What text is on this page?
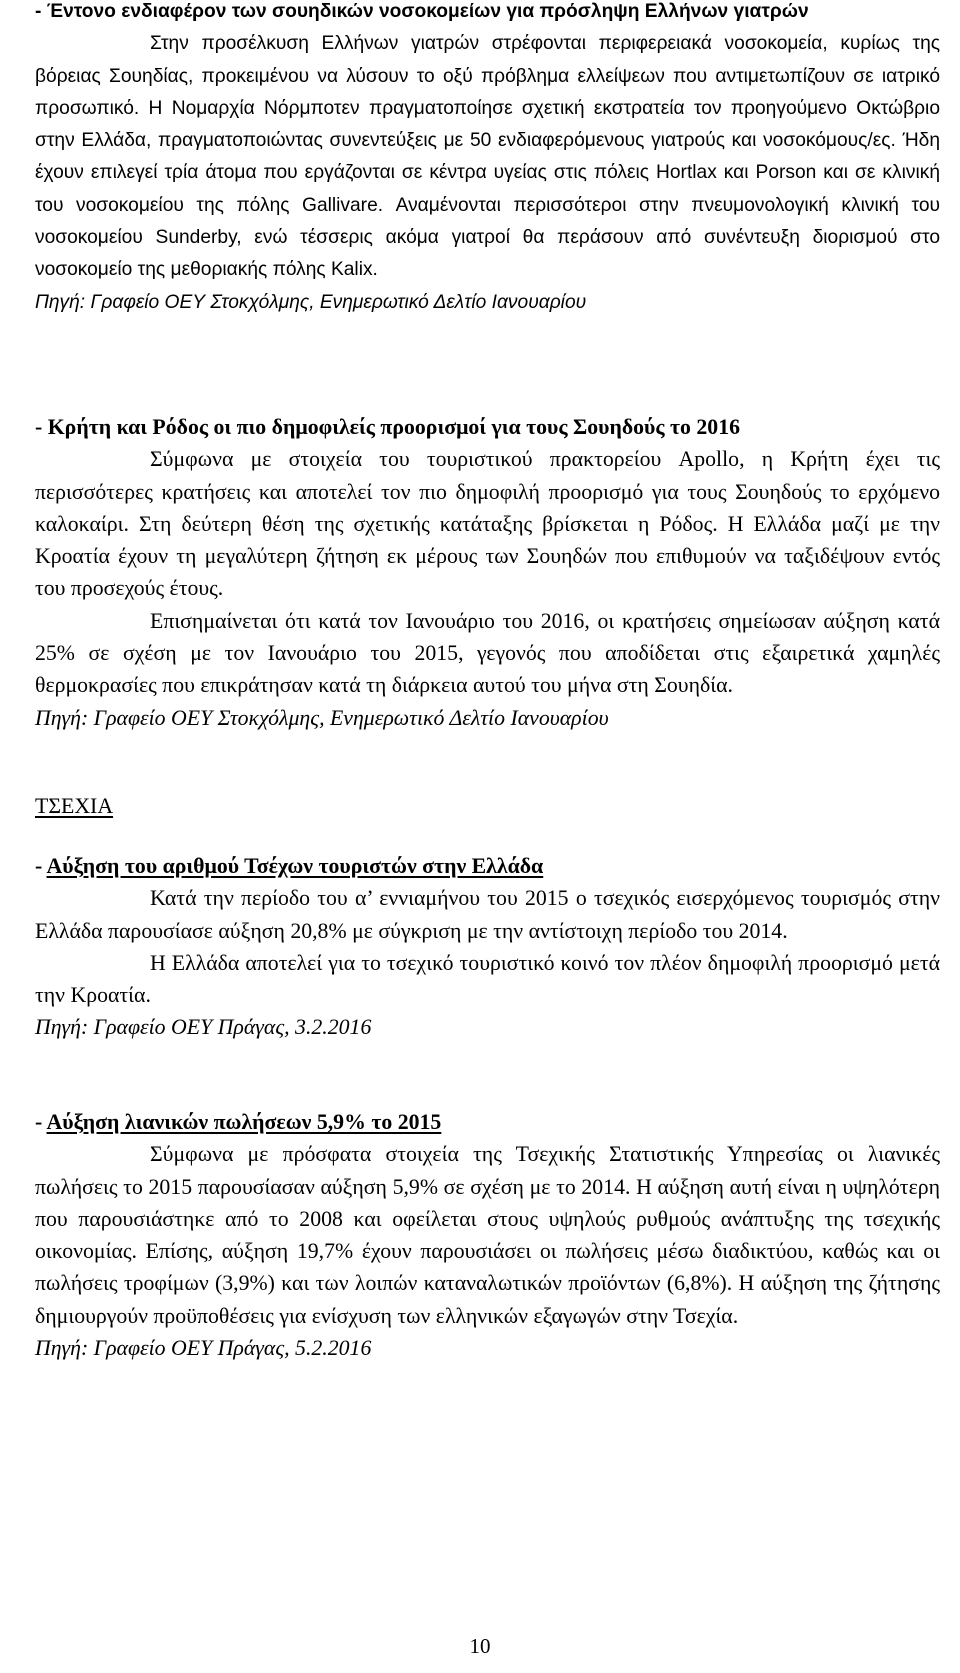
- Έντονο ενδιαφέρον των σουηδικών νοσοκομείων για πρόσληψη Ελλήνων γιατρών

Στην προσέλκυση Ελλήνων γιατρών στρέφονται περιφερειακά νοσοκομεία, κυρίως της βόρειας Σουηδίας, προκειμένου να λύσουν το οξύ πρόβλημα ελλείψεων που αντιμετωπίζουν σε ιατρικό προσωπικό. Η Νομαρχία Νόρμποτεν πραγματοποίησε σχετική εκστρατεία τον προηγούμενο Οκτώβριο στην Ελλάδα, πραγματοποιώντας συνεντεύξεις με 50 ενδιαφερόμενους γιατρούς και νοσοκόμους/ες. Ήδη έχουν επιλεγεί τρία άτομα που εργάζονται σε κέντρα υγείας στις πόλεις Hortlax και Porson και σε κλινική του νοσοκομείου της πόλης Gallivare. Αναμένονται περισσότεροι στην πνευμονολογική κλινική του νοσοκομείου Sunderby, ενώ τέσσερις ακόμα γιατροί θα περάσουν από συνέντευξη διορισμού στο νοσοκομείο της μεθοριακής πόλης Kalix.

Πηγή: Γραφείο ΟΕΥ Στοκχόλμης, Ενημερωτικό Δελτίο Ιανουαρίου

- Κρήτη και Ρόδος οι πιο δημοφιλείς προορισμοί για τους Σουηδούς το 2016

Σύμφωνα με στοιχεία του τουριστικού πρακτορείου Apollo, η Κρήτη έχει τις περισσότερες κρατήσεις και αποτελεί τον πιο δημοφιλή προορισμό για τους Σουηδούς το ερχόμενο καλοκαίρι. Στη δεύτερη θέση της σχετικής κατάταξης βρίσκεται η Ρόδος. Η Ελλάδα μαζί με την Κροατία έχουν τη μεγαλύτερη ζήτηση εκ μέρους των Σουηδών που επιθυμούν να ταξιδέψουν εντός του προσεχούς έτους.

Επισημαίνεται ότι κατά τον Ιανουάριο του 2016, οι κρατήσεις σημείωσαν αύξηση κατά 25% σε σχέση με τον Ιανουάριο του 2015, γεγονός που αποδίδεται στις εξαιρετικά χαμηλές θερμοκρασίες που επικράτησαν κατά τη διάρκεια αυτού του μήνα στη Σουηδία.

Πηγή: Γραφείο ΟΕΥ Στοκχόλμης, Ενημερωτικό Δελτίο Ιανουαρίου

ΤΣΕΧΙΑ

- Αύξηση του αριθμού Τσέχων τουριστών στην Ελλάδα

Κατά την περίοδο του α’ εννιαμήνου του 2015 ο τσεχικός εισερχόμενος τουρισμός στην Ελλάδα παρουσίασε αύξηση 20,8% με σύγκριση με την αντίστοιχη περίοδο του 2014.

Η Ελλάδα αποτελεί για το τσεχικό τουριστικό κοινό τον πλέον δημοφιλή προορισμό μετά την Κροατία.

Πηγή: Γραφείο ΟΕΥ Πράγας, 3.2.2016

- Αύξηση λιανικών πωλήσεων 5,9% το 2015

Σύμφωνα με πρόσφατα στοιχεία της Τσεχικής Στατιστικής Υπηρεσίας οι λιανικές πωλήσεις το 2015 παρουσίασαν αύξηση 5,9% σε σχέση με το 2014. Η αύξηση αυτή είναι η υψηλότερη που παρουσιάστηκε από το 2008 και οφείλεται στους υψηλούς ρυθμούς ανάπτυξης της τσεχικής οικονομίας. Επίσης, αύξηση 19,7% έχουν παρουσιάσει οι πωλήσεις μέσω διαδικτύου, καθώς και οι πωλήσεις τροφίμων (3,9%) και των λοιπών καταναλωτικών προϊόντων (6,8%). Η αύξηση της ζήτησης δημιουργούν προϋποθέσεις για ενίσχυση των ελληνικών εξαγωγών στην Τσεχία.

Πηγή: Γραφείο ΟΕΥ Πράγας, 5.2.2016

10
